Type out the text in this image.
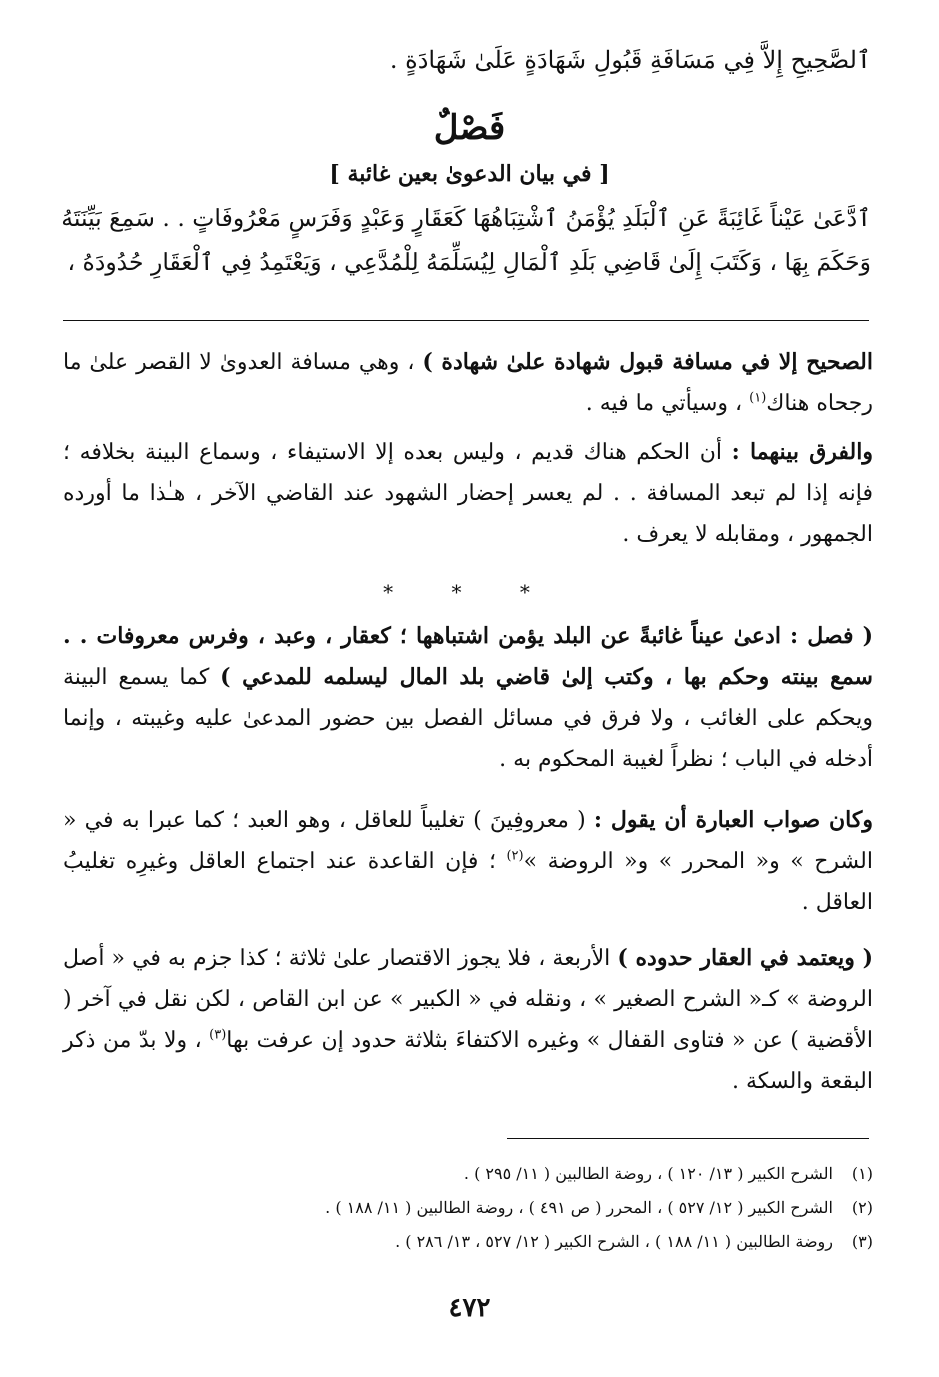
ٱلصَّحِيحِ إِلاَّ فِي مَسَافَةِ قَبُولِ شَهَادَةٍ عَلَىٰ شَهَادَةٍ .
فَصْلٌ
[ في بيان الدعوىٰ بعين غائبة ]
ٱدَّعَىٰ عَيْناً غَائِبَةً عَنِ ٱلْبَلَدِ يُؤْمَنُ ٱشْتِبَاهُهَا كَعَقَارٍ وَعَبْدٍ وَفَرَسٍ مَعْرُوفَاتٍ . . سَمِعَ بَيِّنَتَهُ
وَحَكَمَ بِهَا ، وَكَتَبَ إِلَىٰ قَاضِي بَلَدِ ٱلْمَالِ لِيُسَلِّمَهُ لِلْمُدَّعِي ، وَيَعْتَمِدُ فِي ٱلْعَقَارِ حُدُودَهُ ،

الصحيح إلا في مسافة قبول شهادة علىٰ شهادة ) ، وهي مسافة العدوىٰ لا القصر علىٰ ما رجحاه هناك$^{(١)}$ ، وسيأتي ما فيه .

والفرق بينهما : أن الحكم هناك قديم ، وليس بعده إلا الاستيفاء ، وسماع البينة بخلافه ؛ فإنه إذا لم تبعد المسافة . . لم يعسر إحضار الشهود عند القاضي الآخر ، هـٰذا ما أورده الجمهور ، ومقابله لا يعرف .

* * *

( فصل : ادعىٰ عيناً غائبةً عن البلد يؤمن اشتباهها ؛ كعقار ، وعبد ، وفرس معروفات . . سمع بينته وحكم بها ، وكتب إلىٰ قاضي بلد المال ليسلمه للمدعي ) كما يسمع البينة ويحكم على الغائب ، ولا فرق في مسائل الفصل بين حضور المدعىٰ عليه وغيبته ، وإنما أدخله في الباب ؛ نظراً لغيبة المحكوم به .

وكان صواب العبارة أن يقول : ( معروفِينَ ) تغليباً للعاقل ، وهو العبد ؛ كما عبرا به في « الشرح » و« المحرر » و« الروضة »$^{(٢)}$ ؛ فإن القاعدة عند اجتماع العاقل وغيرِه تغليبُ العاقل .

( ويعتمد في العقار حدوده ) الأربعة ، فلا يجوز الاقتصار علىٰ ثلاثة ؛ كذا جزم به في « أصل الروضة » كـ« الشرح الصغير » ، ونقله في « الكبير » عن ابن القاص ، لكن نقل في آخر ( الأقضية ) عن « فتاوى القفال » وغيره الاكتفاءَ بثلاثة حدود إن عرفت بها$^{(٣)}$ ، ولا بدّ من ذكر البقعة والسكة .

(١)الشرح الكبير ( ١٣/ ١٢٠ ) ، روضة الطالبين ( ١١/ ٢٩٥ ) .
(٢)الشرح الكبير ( ١٢/ ٥٢٧ ) ، المحرر ( ص ٤٩١ ) ، روضة الطالبين ( ١١/ ١٨٨ ) .
(٣)روضة الطالبين ( ١١/ ١٨٨ ) ، الشرح الكبير ( ١٢/ ٥٢٧ ، ١٣/ ٢٨٦ ) .
٤٧٢
